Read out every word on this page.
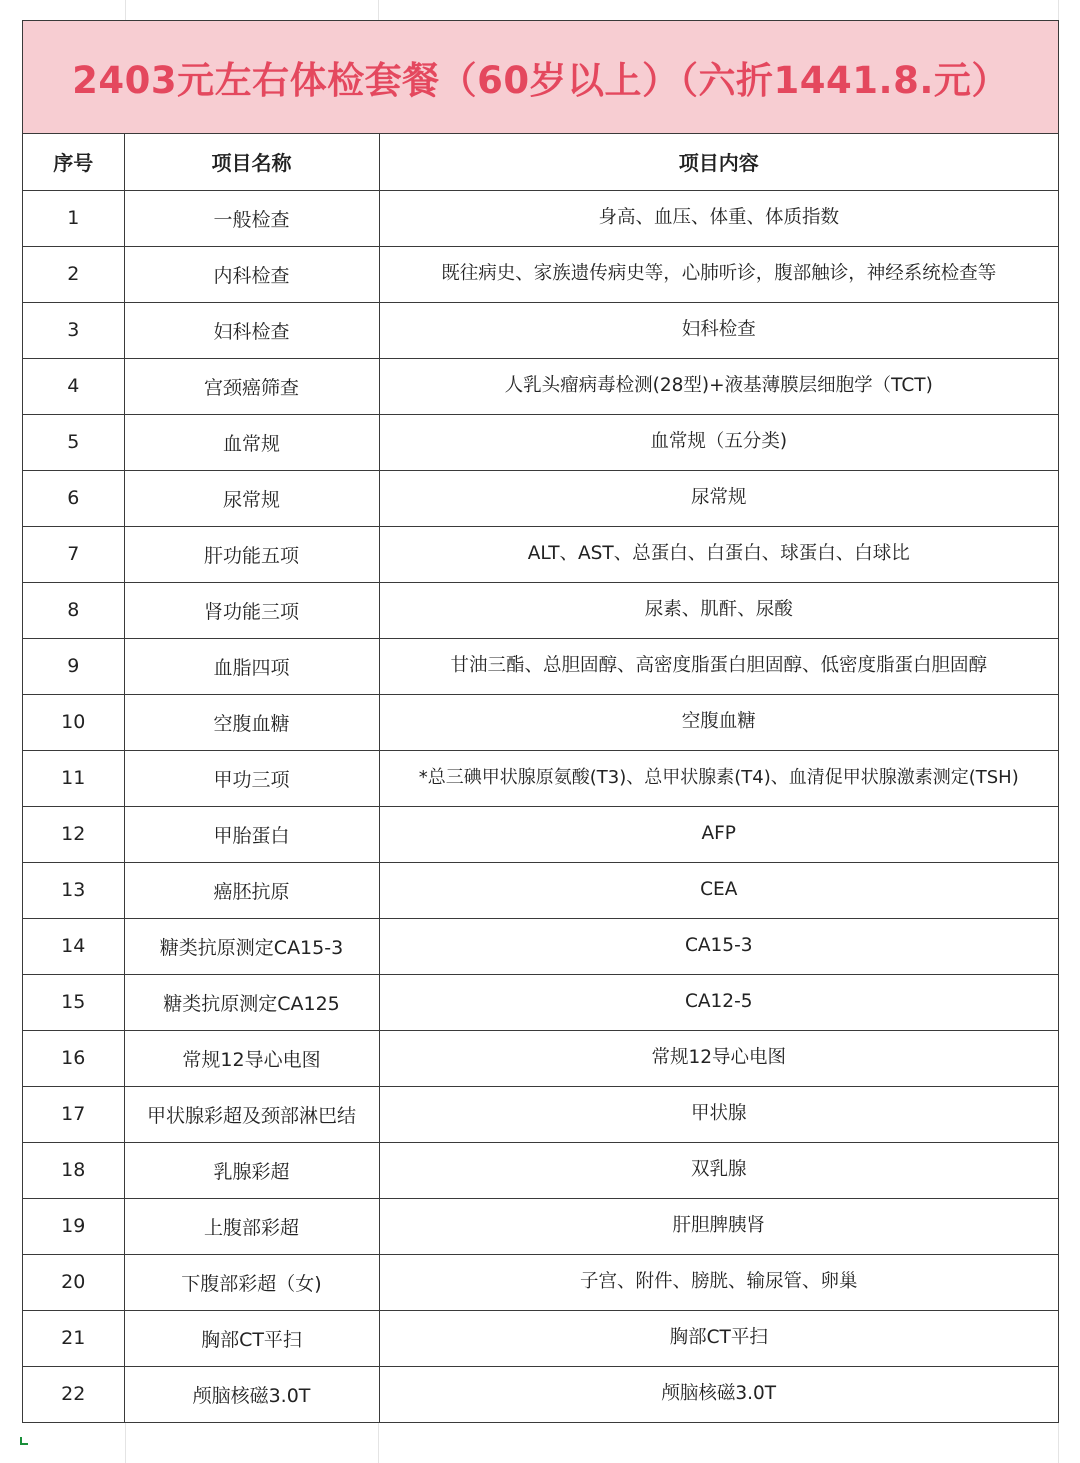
2403元左右体检套餐（60岁以上）（六折1441.8.元）
序号	项目名称	项目内容
1	一般检查	身高、血压、体重、体质指数
2	内科检查	既往病史、家族遗传病史等，心肺听诊，腹部触诊，神经系统检查等
3	妇科检查	妇科检查
4	宫颈癌筛查	人乳头瘤病毒检测(28型)+液基薄膜层细胞学（TCT)
5	血常规	血常规（五分类)
6	尿常规	尿常规
7	肝功能五项	ALT、AST、总蛋白、白蛋白、球蛋白、白球比
8	肾功能三项	尿素、肌酐、尿酸
9	血脂四项	甘油三酯、总胆固醇、高密度脂蛋白胆固醇、低密度脂蛋白胆固醇
10	空腹血糖	空腹血糖
11	甲功三项	*总三碘甲状腺原氨酸(T3)、总甲状腺素(T4)、血清促甲状腺激素测定(TSH)
12	甲胎蛋白	AFP
13	癌胚抗原	CEA
14	糖类抗原测定CA15-3	CA15-3
15	糖类抗原测定CA125	CA12-5
16	常规12导心电图	常规12导心电图
17	甲状腺彩超及颈部淋巴结	甲状腺
18	乳腺彩超	双乳腺
19	上腹部彩超	肝胆脾胰肾
20	下腹部彩超（女)	子宫、附件、膀胱、输尿管、卵巢
21	胸部CT平扫	胸部CT平扫
22	颅脑核磁3.0T	颅脑核磁3.0T
